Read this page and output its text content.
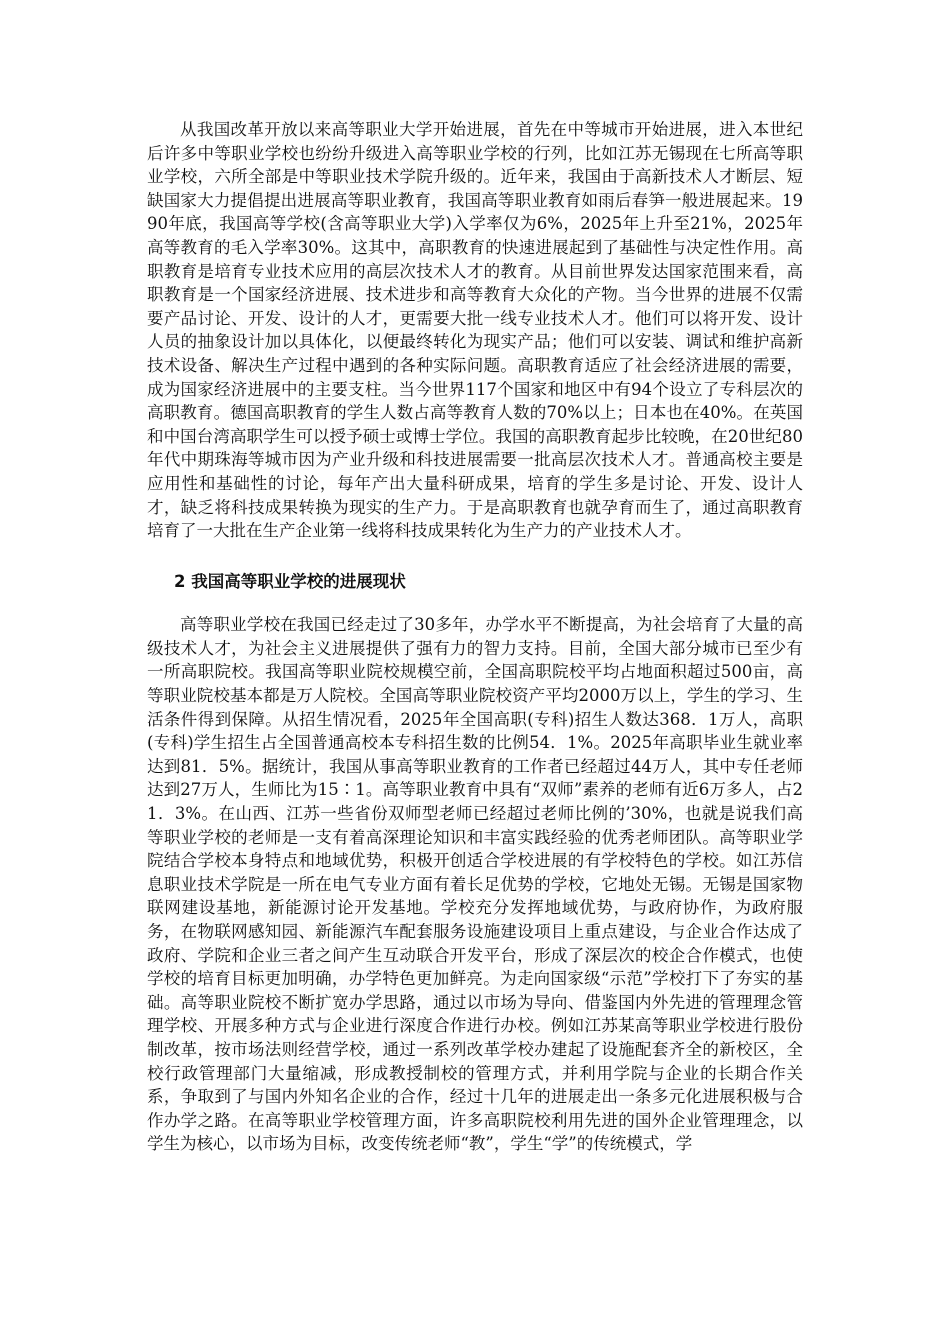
从我国改革开放以来高等职业大学开始进展，首先在中等城市开始进展，进入本世纪后许多中等职业学校也纷纷升级进入高等职业学校的行列，比如江苏无锡现在七所高等职业学校，六所全部是中等职业技术学院升级的。近年来，我国由于高新技术人才断层、短缺国家大力提倡提出进展高等职业教育，我国高等职业教育如雨后春笋一般进展起来。1990年底，我国高等学校(含高等职业大学)入学率仅为6%，2025年上升至21%，2025年高等教育的毛入学率30%。这其中，高职教育的快速进展起到了基础性与决定性作用。高职教育是培育专业技术应用的高层次技术人才的教育。从目前世界发达国家范围来看，高职教育是一个国家经济进展、技术进步和高等教育大众化的产物。当今世界的进展不仅需要产品讨论、开发、设计的人才，更需要大批一线专业技术人才。他们可以将开发、设计人员的抽象设计加以具体化，以便最终转化为现实产品；他们可以安装、调试和维护高新技术设备、解决生产过程中遇到的各种实际问题。高职教育适应了社会经济进展的需要，成为国家经济进展中的主要支柱。当今世界117个国家和地区中有94个设立了专科层次的高职教育。德国高职教育的学生人数占高等教育人数的70%以上；日本也在40%。在英国和中国台湾高职学生可以授予硕士或博士学位。我国的高职教育起步比较晚，在20世纪80年代中期珠海等城市因为产业升级和科技进展需要一批高层次技术人才。普通高校主要是应用性和基础性的讨论，每年产出大量科研成果，培育的学生多是讨论、开发、设计人才，缺乏将科技成果转换为现实的生产力。于是高职教育也就孕育而生了，通过高职教育培育了一大批在生产企业第一线将科技成果转化为生产力的产业技术人才。

2 我国高等职业学校的进展现状

高等职业学校在我国已经走过了30多年，办学水平不断提高，为社会培育了大量的高级技术人才，为社会主义进展提供了强有力的智力支持。目前，全国大部分城市已至少有一所高职院校。我国高等职业院校规模空前，全国高职院校平均占地面积超过500亩，高等职业院校基本都是万人院校。全国高等职业院校资产平均2000万以上，学生的学习、生活条件得到保障。从招生情况看，2025年全国高职(专科)招生人数达368．1万人，高职(专科)学生招生占全国普通高校本专科招生数的比例54．1%。2025年高职毕业生就业率达到81．5%。据统计，我国从事高等职业教育的工作者已经超过44万人，其中专任老师达到27万人，生师比为15∶1。高等职业教育中具有“双师”素养的老师有近6万多人，占21．3%。在山西、江苏一些省份双师型老师已经超过老师比例的’30%，也就是说我们高等职业学校的老师是一支有着高深理论知识和丰富实践经验的优秀老师团队。高等职业学院结合学校本身特点和地域优势，积极开创适合学校进展的有学校特色的学校。如江苏信息职业技术学院是一所在电气专业方面有着长足优势的学校，它地处无锡。无锡是国家物联网建设基地，新能源讨论开发基地。学校充分发挥地域优势，与政府协作，为政府服务，在物联网感知园、新能源汽车配套服务设施建设项目上重点建设，与企业合作达成了政府、学院和企业三者之间产生互动联合开发平台，形成了深层次的校企合作模式，也使学校的培育目标更加明确，办学特色更加鲜亮。为走向国家级“示范”学校打下了夯实的基础。高等职业院校不断扩宽办学思路，通过以市场为导向、借鉴国内外先进的管理理念管理学校、开展多种方式与企业进行深度合作进行办校。例如江苏某高等职业学校进行股份制改革，按市场法则经营学校，通过一系列改革学校办建起了设施配套齐全的新校区，全校行政管理部门大量缩减，形成教授制校的管理方式，并利用学院与企业的长期合作关系，争取到了与国内外知名企业的合作，经过十几年的进展走出一条多元化进展积极与合作办学之路。在高等职业学校管理方面，许多高职院校利用先进的国外企业管理理念，以学生为核心，以市场为目标，改变传统老师“教”，学生“学”的传统模式，学
